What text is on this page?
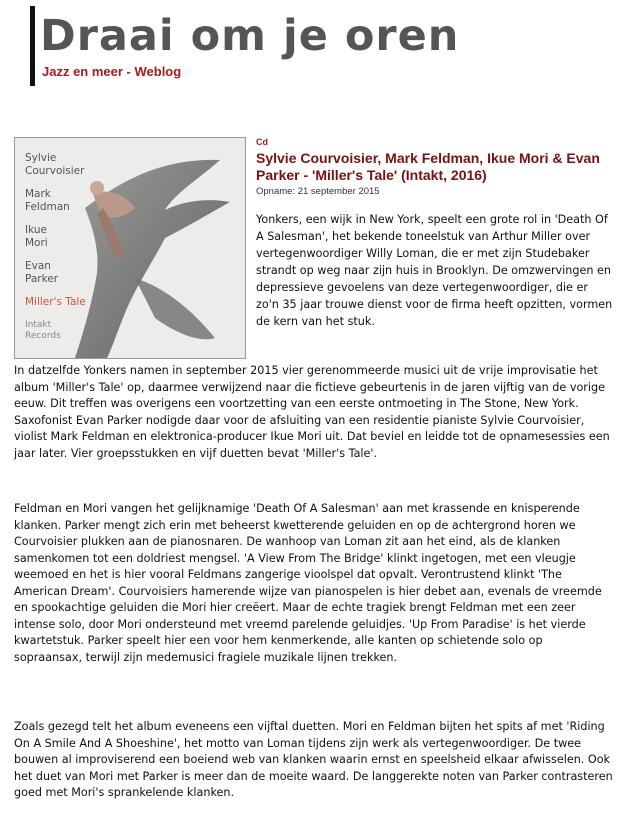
Draai om je oren
Jazz en meer - Weblog
Sylvie
Courvoisier
Mark
Feldman
Ikue
Mori
Evan
Parker
Miller's Tale
Intakt
Records

Cd

Sylvie Courvoisier, Mark Feldman, Ikue Mori & Evan Parker - 'Miller's Tale' (Intakt, 2016)

Opname: 21 september 2015

Yonkers, een wijk in New York, speelt een grote rol in 'Death Of A Salesman', het bekende toneelstuk van Arthur Miller over vertegenwoordiger Willy Loman, die er met zijn Studebaker strandt op weg naar zijn huis in Brooklyn. De omzwervingen en depressieve gevoelens van deze vertegenwoordiger, die er zo'n 35 jaar trouwe dienst voor de firma heeft opzitten, vormen de kern van het stuk.

In datzelfde Yonkers namen in september 2015 vier gerenommeerde musici uit de vrije improvisatie het album 'Miller's Tale' op, daarmee verwijzend naar die fictieve gebeurtenis in de jaren vijftig van de vorige eeuw. Dit treffen was overigens een voortzetting van een eerste ontmoeting in The Stone, New York. Saxofonist Evan Parker nodigde daar voor de afsluiting van een residentie pianiste Sylvie Courvoisier, violist Mark Feldman en elektronica-producer Ikue Mori uit. Dat beviel en leidde tot de opnamesessies een jaar later. Vier groepsstukken en vijf duetten bevat 'Miller's Tale'.

Feldman en Mori vangen het gelijknamige 'Death Of A Salesman' aan met krassende en knisperende klanken. Parker mengt zich erin met beheerst kwetterende geluiden en op de achtergrond horen we Courvoisier plukken aan de pianosnaren. De wanhoop van Loman zit aan het eind, als de klanken samenkomen tot een doldriest mengsel. 'A View From The Bridge' klinkt ingetogen, met een vleugje weemoed en het is hier vooral Feldmans zangerige vioolspel dat opvalt. Verontrustend klinkt 'The American Dream'. Courvoisiers hamerende wijze van pianospelen is hier debet aan, evenals de vreemde en spookachtige geluiden die Mori hier creëert. Maar de echte tragiek brengt Feldman met een zeer intense solo, door Mori ondersteund met vreemd parelende geluidjes. 'Up From Paradise' is het vierde kwartetstuk. Parker speelt hier een voor hem kenmerkende, alle kanten op schietende solo op sopraansax, terwijl zijn medemusici fragiele muzikale lijnen trekken.

Zoals gezegd telt het album eveneens een vijftal duetten. Mori en Feldman bijten het spits af met 'Riding On A Smile And A Shoeshine', het motto van Loman tijdens zijn werk als vertegenwoordiger. De twee bouwen al improviserend een boeiend web van klanken waarin ernst en speelsheid elkaar afwisselen. Ook het duet van Mori met Parker is meer dan de moeite waard. De langgerekte noten van Parker contrasteren goed met Mori's sprankelende klanken.
